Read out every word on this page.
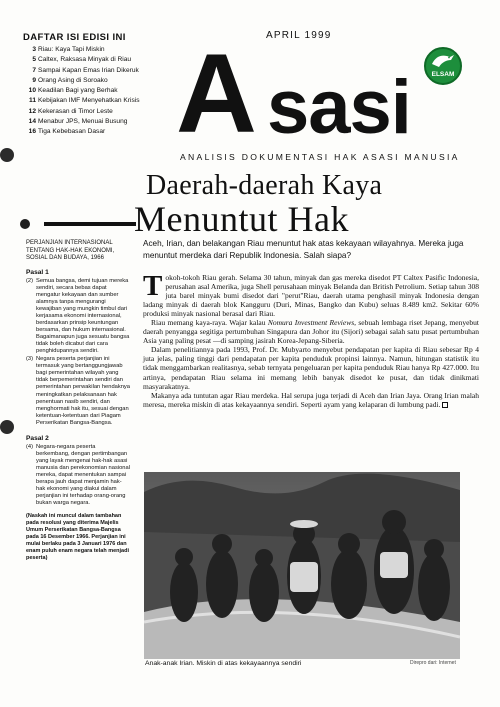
DAFTAR ISI EDISI INI
3 Riau: Kaya Tapi Miskin
5 Caltex, Raksasa Minyak di Riau
7 Sampai Kapan Emas Irian Dikeruk
9 Orang Asing di Soroako
10 Keadilan Bagi yang Berhak
11 Kebijakan IMF Menyehatkan Krisis
12 Kekerasan di Timor Leste
14 Menabur JPS, Menuai Busung
16 Tiga Kebebasan Dasar
APRIL 1999
A sasi	ELSAM
ANALISIS DOKUMENTASI HAK ASASI MANUSIA
Daerah-daerah Kaya
Menuntut Hak
PERJANJIAN INTERNASIONAL TENTANG HAK-HAK EKONOMI, SOSIAL DAN BUDAYA, 1966
Pasal 1
(2) Semua bangsa, demi tujuan mereka sendiri, secara bebas dapat mengatur kekayaan dan sumber alamnya tanpa mengurangi kewajiban yang mungkin timbul dari kerjasama ekonomi internasional, berdasarkan prinsip keuntungan bersama, dan hukum internasional. Bagaimanapun juga sesuatu bangsa tidak boleh dicabut dari cara penghidupannya sendiri.
(3) Negara peserta perjanjian ini termasuk yang bertanggungjawab bagi pemerintahan wilayah yang tidak berpemerintahan sendiri dan pemerintahan perwakilan hendaknya meningkatkan pelaksanaan hak penentuan nasib sendiri, dan menghormati hak itu, sesuai dengan ketentuan-ketentuan dari Piagam Perserikatan Bangsa-Bangsa.
Pasal 2
(4) Negara-negara peserta berkembang, dengan pertimbangan yang layak mengenai hak-hak asasi manusia dan perekonomian nasional mereka, dapat menentukan sampai berapa jauh dapat menjamin hak-hak ekonomi yang diakui dalam perjanjian ini terhadap orang-orang bukan warga negara.
(Naskah ini muncul dalam tambahan pada resolusi yang diterima Majelis Umum Perserikatan Bangsa-Bangsa pada 16 Desember 1966. Perjanjian ini mulai berlaku pada 3 Januari 1976 dan enam puluh enam negara telah menjadi peserta)
Aceh, Irian, dan belakangan Riau menuntut hak atas kekayaan wilayahnya. Mereka juga menuntut merdeka dari Republik Indonesia. Salah siapa?

Tokoh-tokoh Riau gerah. Selama 30 tahun, minyak dan gas mereka disedot PT Caltex Pasific Indonesia, perusahan asal Amerika, juga Shell perusahaan minyak Belanda dan British Petrolium. Setiap tahun 308 juta barel minyak bumi disedot dari "perut"Riau, daerah utama penghasil minyak Indonesia dengan ladang minyak di daerah blok Kangguru (Duri, Minas, Bangko dan Kubu) seluas 8.489 km2. Sekitar 60% produksi minyak nasional berasal dari Riau.

Riau memang kaya-raya. Wajar kalau Nomura Investment Reviews, sebuah lembaga riset Jepang, menyebut daerah penyangga segitiga pertumbuhan Singapura dan Johor itu (Sijori) sebagai salah satu pusat pertumbuhan Asia yang paling pesat —di samping jasirah Korea-Jepang-Siberia.

Dalam penelitiannya pada 1993, Prof. Dr. Mubyarto menyebut pendapatan per kapita di Riau sebesar Rp 4 juta jelas, paling tinggi dari pendapatan per kapita penduduk propinsi lainnya. Namun, hitungan statistik itu tidak menggambarkan realitasnya, sebab ternyata pengeluaran per kapita penduduk Riau hanya Rp 427.000. Itu artinya, pendapatan Riau selama ini memang lebih banyak disedot ke pusat, dan tidak dinikmati masyarakatnya.

Makanya ada tuntutan agar Riau merdeka. Hal serupa juga terjadi di Aceh dan Irian Jaya. Orang Irian malah meresa, mereka miskin di atas kekayaannya sendiri. Seperti ayam yang kelaparan di lumbung padi.

Anak-anak Irian. Miskin di atas kekayaannya sendiri	Direpro dari: Internet
